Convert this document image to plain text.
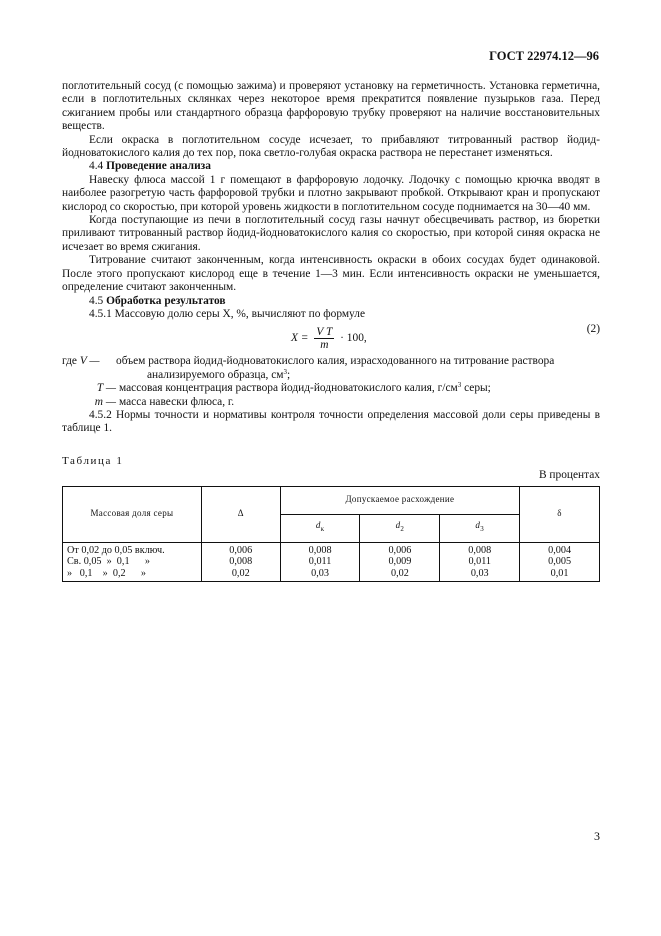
ГОСТ 22974.12—96

поглотительный сосуд (с помощью зажима) и проверяют установку на герметичность. Установка герметична, если в поглотительных склянках через некоторое время прекратится появление пузырьков газа. Перед сжиганием пробы или стандартного образца фарфоровую трубку проверяют на наличие восстановительных веществ.

Если окраска в поглотительном сосуде исчезает, то прибавляют титрованный раствор йодид-йодноватокислого калия до тех пор, пока светло-голубая окраска раствора не перестанет изменяться.

4.4 Проведение анализа

Навеску флюса массой 1 г помещают в фарфоровую лодочку. Лодочку с помощью крючка вводят в наиболее разогретую часть фарфоровой трубки и плотно закрывают пробкой. Открывают кран и пропускают кислород со скоростью, при которой уровень жидкости в поглотительном сосуде поднимается на 30—40 мм.

Когда поступающие из печи в поглотительный сосуд газы начнут обесцвечивать раствор, из бюретки приливают титрованный раствор йодид-йодноватокислого калия со скоростью, при которой синяя окраска не исчезает во время сжигания.

Титрование считают законченным, когда интенсивность окраски в обоих сосудах будет одинаковой. После этого пропускают кислород еще в течение 1—3 мин. Если интенсивность окраски не уменьшается, определение считают законченным.

4.5 Обработка результатов

4.5.1 Массовую долю серы X, %, вычисляют по формуле

$X = \frac{\text{V T}}{m} \cdot 100$,
(2)
где V —	объем раствора йодид-йодноватокислого калия, израсходованного на титрование раствора
анализируемого образца, $см^3$;
T — массовая концентрация раствора йодид-йодноватокислого калия, $г/см^3$ серы;
m — масса навески флюса, г.

4.5.2 Нормы точности и нормативы контроля точности определения массовой доли серы приведены в таблице 1.

Таблица 1
В процентах
Массовая доля серы	Δ	Допускаемое расхождение			δ
		$d_к$	$d_2$	$d_3$
От 0,02 до 0,05 включ.	0,006	0,008	0,006	0,008	0,004
Св. 0,05  »  0,1      »	0,008	0,011	0,009	0,011	0,005
»   0,1    »  0,2      »	0,02	0,03	0,02	0,03	0,01
3
